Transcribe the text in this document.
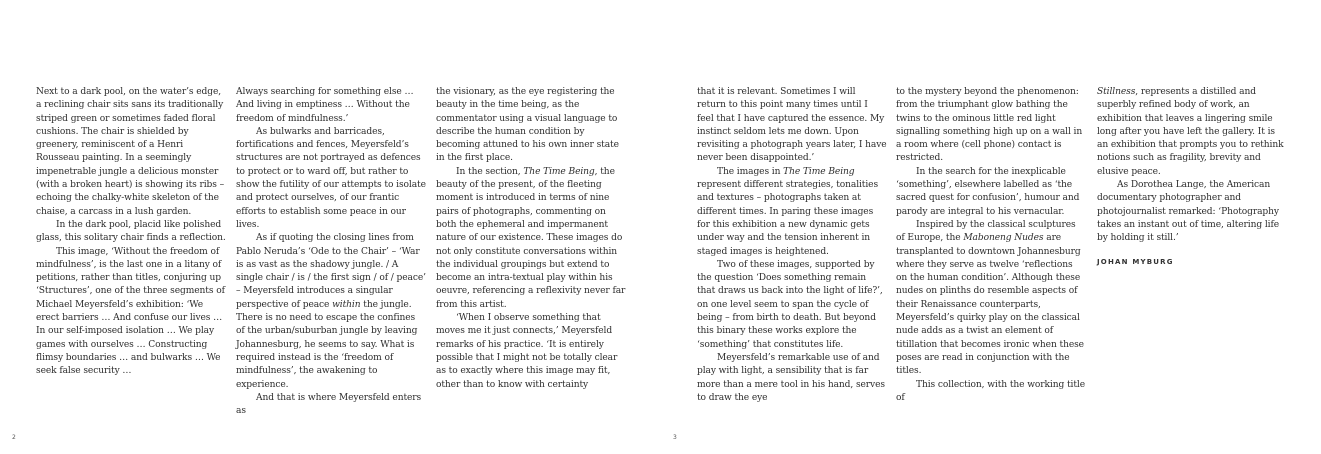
Next to a dark pool, on the water’s edge, a reclining chair sits sans its traditionally striped green or sometimes faded floral cushions. The chair is shielded by greenery, reminiscent of a Henri Rousseau painting. In a seemingly impenetrable jungle a delicious monster (with a broken heart) is showing its ribs – echoing the chalky-white skeleton of the chaise, a carcass in a lush garden.

In the dark pool, placid like polished glass, this solitary chair finds a reflection.

This image, ‘Without the freedom of mindfulness’, is the last one in a litany of petitions, rather than titles, conjuring up ‘Structures’, one of the three segments of Michael Meyersfeld’s exhibition: ‘We erect barriers … And confuse our lives … In our self-imposed isolation … We play games with ourselves … Constructing flimsy boundaries … and bulwarks … We seek false security …

Always searching for something else … And living in emptiness … Without the freedom of mindfulness.’

As bulwarks and barricades, fortifications and fences, Meyersfeld’s structures are not portrayed as defences to protect or to ward off, but rather to show the futility of our attempts to isolate and protect ourselves, of our frantic efforts to establish some peace in our lives.

As if quoting the closing lines from Pablo Neruda’s ‘Ode to the Chair’ – ‘War is as vast as the shadowy jungle. / A single chair / is / the first sign / of / peace’ – Meyersfeld introduces a singular perspective of peace within the jungle. There is no need to escape the confines of the urban/suburban jungle by leaving Johannesburg, he seems to say. What is required instead is the ‘freedom of mindfulness’, the awakening to experience.

And that is where Meyersfeld enters as

the visionary, as the eye registering the beauty in the time being, as the commentator using a visual language to describe the human condition by becoming attuned to his own inner state in the first place.

In the section, The Time Being, the beauty of the present, of the fleeting moment is introduced in terms of nine pairs of photographs, commenting on both the ephemeral and impermanent nature of our existence. These images do not only constitute conversations within the individual groupings but extend to become an intra-textual play within his oeuvre, referencing a reflexivity never far from this artist.

‘When I observe something that moves me it just connects,’ Meyersfeld remarks of his practice. ‘It is entirely possible that I might not be totally clear as to exactly where this image may fit, other than to know with certainty

2

that it is relevant. Sometimes I will return to this point many times until I feel that I have captured the essence. My instinct seldom lets me down. Upon revisiting a photograph years later, I have never been disappointed.’

The images in The Time Being represent different strategies, tonalities and textures – photographs taken at different times. In paring these images for this exhibition a new dynamic gets under way and the tension inherent in staged images is heightened.

Two of these images, supported by the question ‘Does something remain that draws us back into the light of life?’, on one level seem to span the cycle of being – from birth to death. But beyond this binary these works explore the ‘something’ that constitutes life.

Meyersfeld’s remarkable use of and play with light, a sensibility that is far more than a mere tool in his hand, serves to draw the eye

to the mystery beyond the phenomenon: from the triumphant glow bathing the twins to the ominous little red light signalling something high up on a wall in a room where (cell phone) contact is restricted.

In the search for the inexplicable ‘something’, elsewhere labelled as ‘the sacred quest for confusion’, humour and parody are integral to his vernacular.

Inspired by the classical sculptures of Europe, the Maboneng Nudes are transplanted to downtown Johannesburg where they serve as twelve ‘reflections on the human condition’. Although these nudes on plinths do resemble aspects of their Renaissance counterparts, Meyersfeld’s quirky play on the classical nude adds as a twist an element of titillation that becomes ironic when these poses are read in conjunction with the titles.

This collection, with the working title of

Stillness, represents a distilled and superbly refined body of work, an exhibition that leaves a lingering smile long after you have left the gallery. It is an exhibition that prompts you to rethink notions such as fragility, brevity and elusive peace.

As Dorothea Lange, the American documentary photographer and photojournalist remarked: ‘Photography takes an instant out of time, altering life by holding it still.’

JOHAN MYBURG
3
